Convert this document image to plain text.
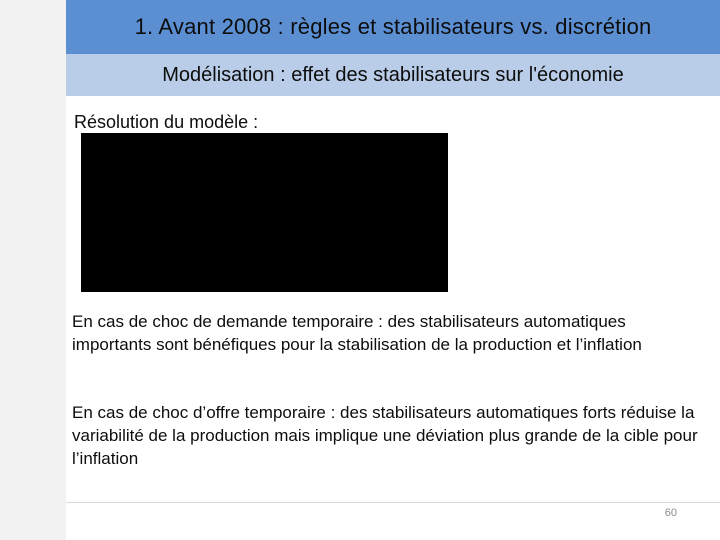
1. Avant 2008 : règles et stabilisateurs vs. discrétion
Modélisation : effet des stabilisateurs sur l'économie
Résolution du modèle :
En cas de choc de demande temporaire : des stabilisateurs automatiques importants sont bénéfiques pour la stabilisation de la production et l’inflation
En cas de choc d’offre temporaire : des stabilisateurs automatiques forts réduise la variabilité de la production mais implique une déviation plus grande de la cible pour l’inflation
60
